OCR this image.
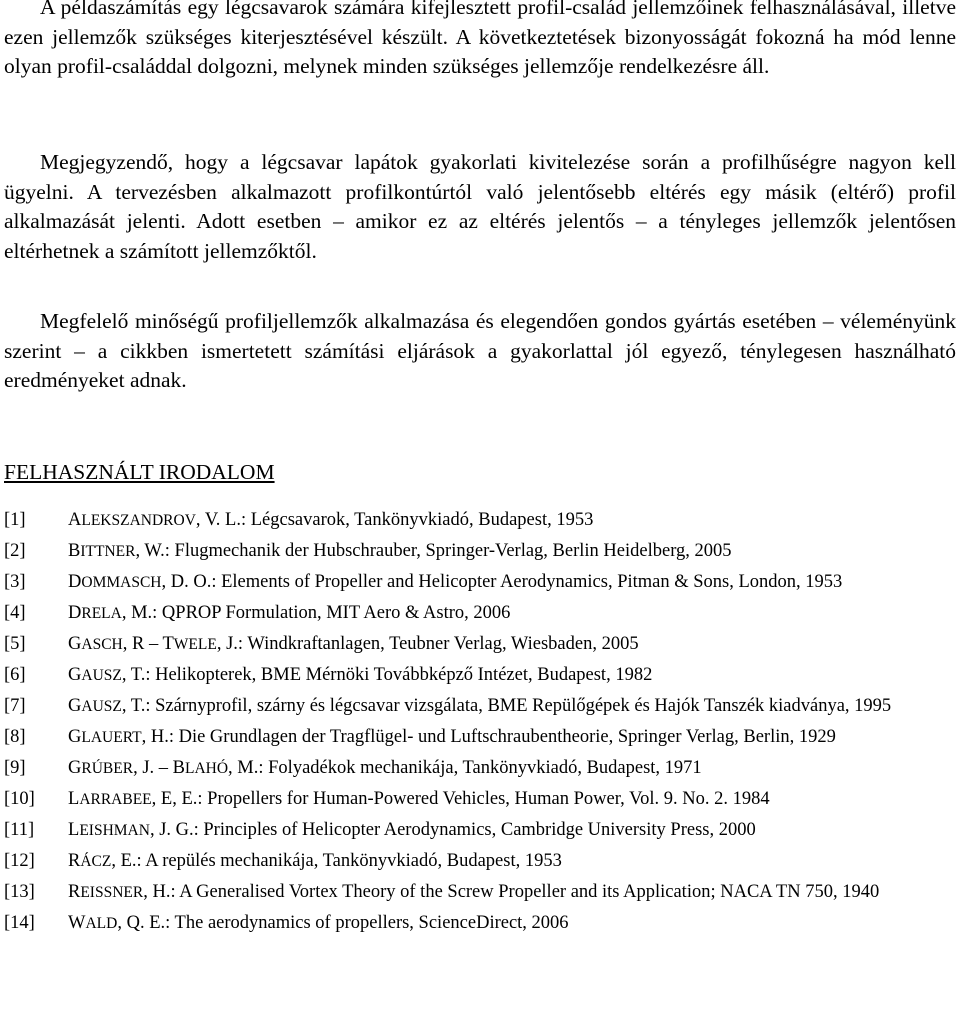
A példaszámítás egy légcsavarok számára kifejlesztett profil-család jellemzőinek felhasználásával, illetve ezen jellemzők szükséges kiterjesztésével készült. A következtetések bizonyosságát fokozná ha mód lenne olyan profil-családdal dolgozni, melynek minden szükséges jellemzője rendelkezésre áll.

Megjegyzendő, hogy a légcsavar lapátok gyakorlati kivitelezése során a profilhűségre nagyon kell ügyelni. A tervezésben alkalmazott profilkontúrtól való jelentősebb eltérés egy másik (eltérő) profil alkalmazását jelenti. Adott esetben – amikor ez az eltérés jelentős – a tényleges jellemzők jelentősen eltérhetnek a számított jellemzőktől.

Megfelelő minőségű profiljellemzők alkalmazása és elegendően gondos gyártás esetében – véleményünk szerint – a cikkben ismertetett számítási eljárások a gyakorlattal jól egyező, ténylegesen használható eredményeket adnak.

FELHASZNÁLT IRODALOM
[1] ALEKSZANDROV, V. L.: Légcsavarok, Tankönyvkiadó, Budapest, 1953
[2] BITTNER, W.: Flugmechanik der Hubschrauber, Springer-Verlag, Berlin Heidelberg, 2005
[3] DOMMASCH, D. O.: Elements of Propeller and Helicopter Aerodynamics, Pitman & Sons, London, 1953
[4] DRELA, M.: QPROP Formulation, MIT Aero & Astro, 2006
[5] GASCH, R – TWELE, J.: Windkraftanlagen, Teubner Verlag, Wiesbaden, 2005
[6] GAUSZ, T.: Helikopterek, BME Mérnöki Továbbképző Intézet, Budapest, 1982
[7] GAUSZ, T.: Szárnyprofil, szárny és légcsavar vizsgálata, BME Repülőgépek és Hajók Tanszék kiadványa, 1995
[8] GLAUERT, H.: Die Grundlagen der Tragflügel- und Luftschraubentheorie, Springer Verlag, Berlin, 1929
[9] GRÚBER, J. – BLAHÓ, M.: Folyadékok mechanikája, Tankönyvkiadó, Budapest, 1971
[10] LARRABEE, E, E.: Propellers for Human-Powered Vehicles, Human Power, Vol. 9. No. 2. 1984
[11] LEISHMAN, J. G.: Principles of Helicopter Aerodynamics, Cambridge University Press, 2000
[12] RÁCZ, E.: A repülés mechanikája, Tankönyvkiadó, Budapest, 1953
[13] REISSNER, H.: A Generalised Vortex Theory of the Screw Propeller and its Application; NACA TN 750, 1940
[14] WALD, Q. E.: The aerodynamics of propellers, ScienceDirect, 2006
